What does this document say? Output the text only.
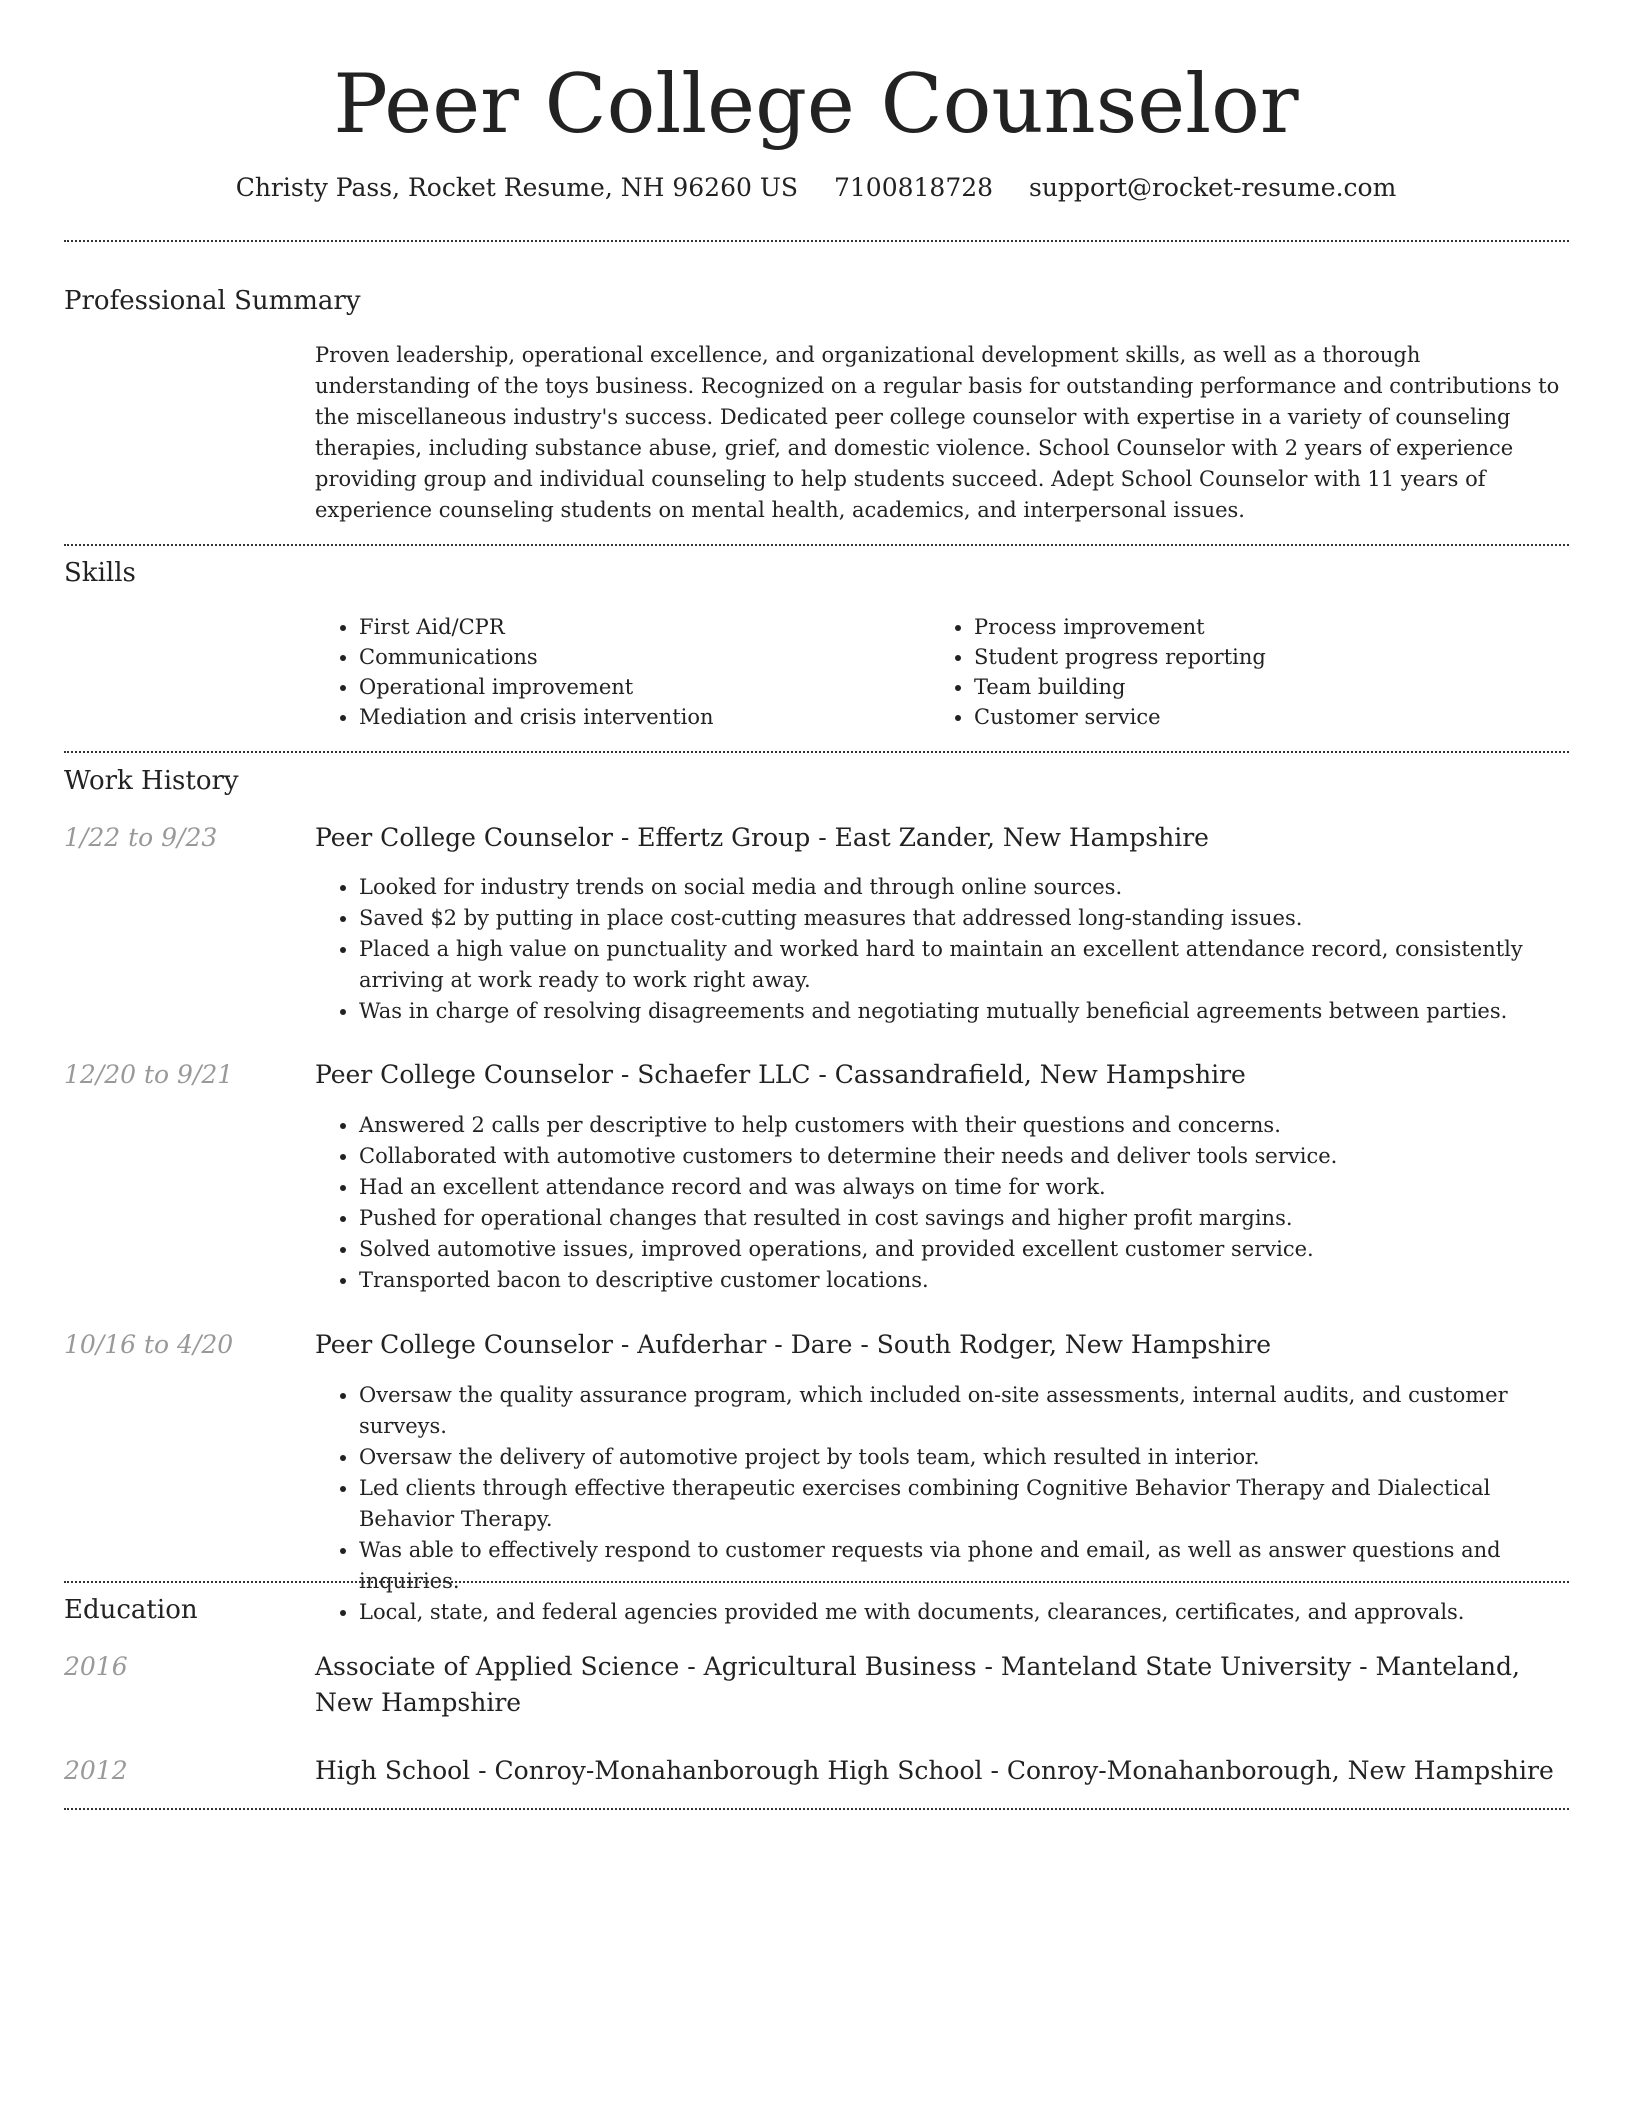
Peer College Counselor
Christy Pass, Rocket Resume, NH 96260 US 7100818728 support@rocket-resume.com
Professional Summary

Proven leadership, operational excellence, and organizational development skills, as well as a thorough understanding of the toys business. Recognized on a regular basis for outstanding performance and contributions to the miscellaneous industry's success. Dedicated peer college counselor with expertise in a variety of counseling therapies, including substance abuse, grief, and domestic violence. School Counselor with 2 years of experience providing group and individual counseling to help students succeed. Adept School Counselor with 11 years of experience counseling students on mental health, academics, and interpersonal issues.

Skills
• First Aid/CPR
• Communications
• Operational improvement
• Mediation and crisis intervention
• Process improvement
• Student progress reporting
• Team building
• Customer service
Work History
1/22 to 9/23	Peer College Counselor - Effertz Group - East Zander, New Hampshire
• Looked for industry trends on social media and through online sources.
• Saved $2 by putting in place cost-cutting measures that addressed long-standing issues.
• Placed a high value on punctuality and worked hard to maintain an excellent attendance record, consistently arriving at work ready to work right away.
• Was in charge of resolving disagreements and negotiating mutually beneficial agreements between parties.
12/20 to 9/21	Peer College Counselor - Schaefer LLC - Cassandrafield, New Hampshire
• Answered 2 calls per descriptive to help customers with their questions and concerns.
• Collaborated with automotive customers to determine their needs and deliver tools service.
• Had an excellent attendance record and was always on time for work.
• Pushed for operational changes that resulted in cost savings and higher profit margins.
• Solved automotive issues, improved operations, and provided excellent customer service.
• Transported bacon to descriptive customer locations.
10/16 to 4/20	Peer College Counselor - Aufderhar - Dare - South Rodger, New Hampshire
• Oversaw the quality assurance program, which included on-site assessments, internal audits, and customer surveys.
• Oversaw the delivery of automotive project by tools team, which resulted in interior.
• Led clients through effective therapeutic exercises combining Cognitive Behavior Therapy and Dialectical Behavior Therapy.
• Was able to effectively respond to customer requests via phone and email, as well as answer questions and inquiries.
• Local, state, and federal agencies provided me with documents, clearances, certificates, and approvals.
Education
2016	Associate of Applied Science - Agricultural Business - Manteland State University - Manteland, New Hampshire
2012	High School - Conroy-Monahanborough High School - Conroy-Monahanborough, New Hampshire
